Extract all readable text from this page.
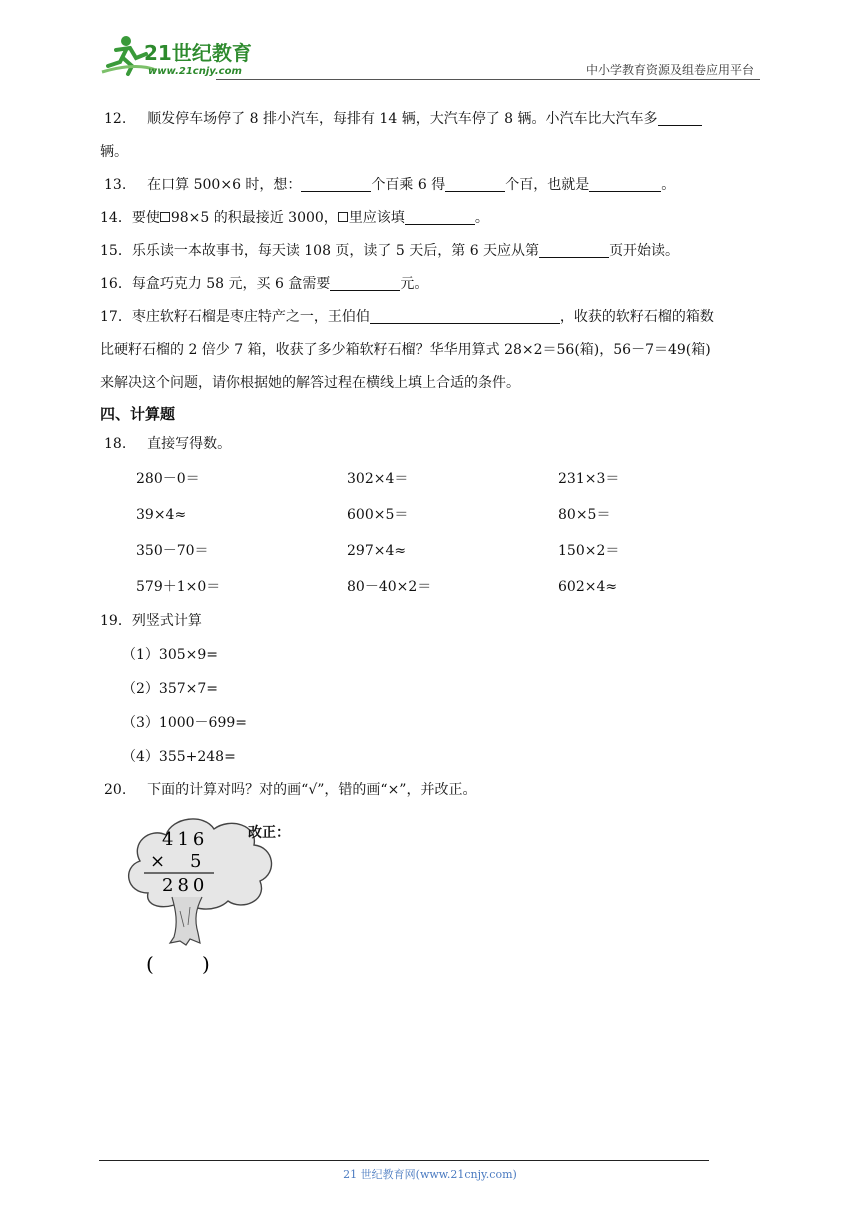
21世纪教育
www.21cnjy.com	中小学教育资源及组卷应用平台
12. 顺发停车场停了 8 排小汽车，每排有 14 辆，大汽车停了 8 辆。小汽车比大汽车多
辆。
13. 在口算 500×6 时，想：	个百乘 6 得	个百，也就是	。
14．要使 98×5 的积最接近 3000， 里应该填	。
15．乐乐读一本故事书，每天读 108 页，读了 5 天后，第 6 天应从第	页开始读。
16．每盒巧克力 58 元，买 6 盒需要	元。
17．枣庄软籽石榴是枣庄特产之一，王伯伯	，收获的软籽石榴的箱数
比硬籽石榴的 2 倍少 7 箱，收获了多少箱软籽石榴？华华用算式 28×2＝56(箱)，56－7＝49(箱)
来解决这个问题，请你根据她的解答过程在横线上填上合适的条件。
四、计算题
18. 直接写得数。
280－0＝	302×4＝	231×3＝
39×4≈	600×5＝	80×5＝
350－70＝	297×4≈	150×2＝
579＋1×0＝	80－40×2＝	602×4≈
19．列竖式计算
（1）305×9=
（2）357×7=
（3）1000－699=
（4）355+248=
20. 下面的计算对吗？对的画“√”，错的画“×”，并改正。
416
× 5
280
( )
改正：
21 世纪教育网(www.21cnjy.com)
